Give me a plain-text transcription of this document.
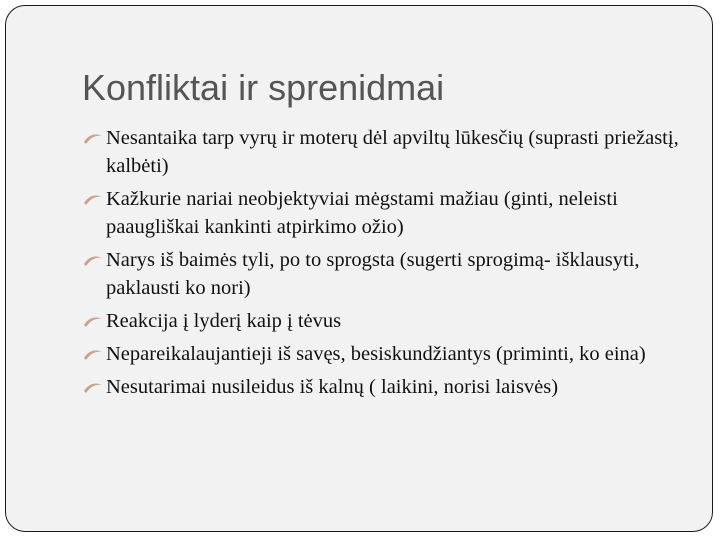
Konfliktai ir sprenidmai
Nesantaika tarp vyrų ir moterų dėl apviltų lūkesčių (suprasti priežastį, kalbėti)
Kažkurie nariai neobjektyviai mėgstami mažiau (ginti, neleisti paaugliškai kankinti atpirkimo ožio)
Narys iš baimės tyli, po to sprogsta (sugerti sprogimą- išklausyti, paklausti ko nori)
Reakcija į lyderį kaip į tėvus
Nepareikalaujantieji iš savęs, besiskundžiantys (priminti, ko eina)
Nesutarimai nusileidus iš kalnų ( laikini, norisi laisvės)
